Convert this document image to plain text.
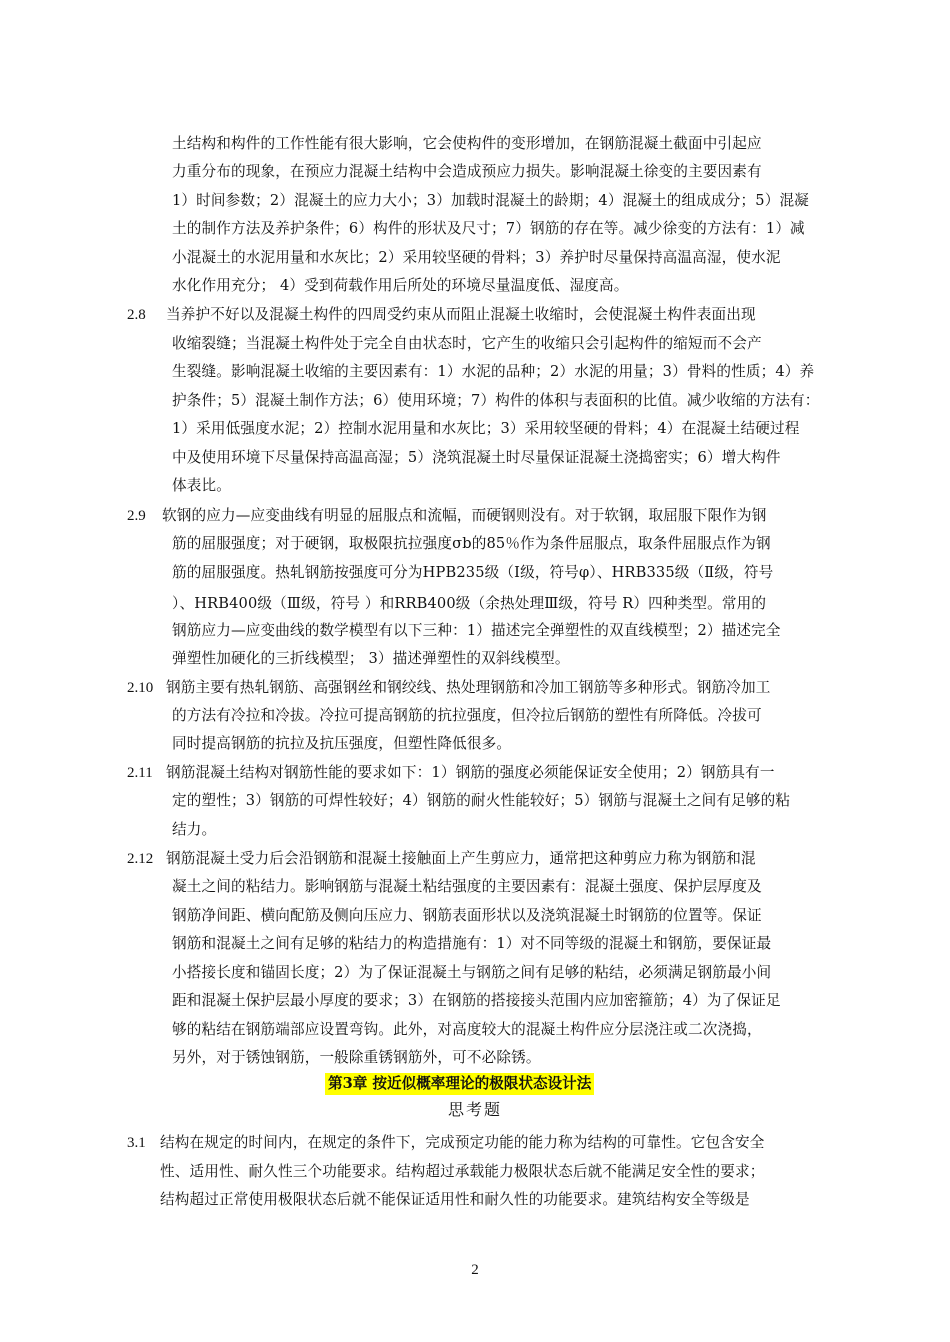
土结构和构件的工作性能有很大影响，它会使构件的变形增加，在钢筋混凝土截面中引起应
力重分布的现象，在预应力混凝土结构中会造成预应力损失。影响混凝土徐变的主要因素有
1）时间参数；2）混凝土的应力大小；3）加载时混凝土的龄期；4）混凝土的组成成分；5）混凝
土的制作方法及养护条件；6）构件的形状及尺寸；7）钢筋的存在等。减少徐变的方法有：1）减
小混凝土的水泥用量和水灰比；2）采用较坚硬的骨料；3）养护时尽量保持高温高湿，使水泥
水化作用充分； 4）受到荷载作用后所处的环境尽量温度低、湿度高。
2.8 当养护不好以及混凝土构件的四周受约束从而阻止混凝土收缩时，会使混凝土构件表面出现
收缩裂缝；当混凝土构件处于完全自由状态时，它产生的收缩只会引起构件的缩短而不会产
生裂缝。影响混凝土收缩的主要因素有：1）水泥的品种；2）水泥的用量；3）骨料的性质；4）养
护条件；5）混凝土制作方法；6）使用环境；7）构件的体积与表面积的比值。减少收缩的方法有：
1）采用低强度水泥；2）控制水泥用量和水灰比；3）采用较坚硬的骨料；4）在混凝土结硬过程
中及使用环境下尽量保持高温高湿；5）浇筑混凝土时尽量保证混凝土浇捣密实；6）增大构件
体表比。
2.9 软钢的应力—应变曲线有明显的屈服点和流幅，而硬钢则没有。对于软钢，取屈服下限作为钢
筋的屈服强度；对于硬钢，取极限抗拉强度σb的85％作为条件屈服点，取条件屈服点作为钢
筋的屈服强度。热轧钢筋按强度可分为HPB235级（Ⅰ级，符号φ）、HRB335级（Ⅱ级，符号
）、HRB400级（Ⅲ级，符号 ）和RRB400级（余热处理Ⅲ级，符号 R）四种类型。常用的
钢筋应力—应变曲线的数学模型有以下三种：1）描述完全弹塑性的双直线模型；2）描述完全
弹塑性加硬化的三折线模型； 3）描述弹塑性的双斜线模型。
2.10 钢筋主要有热轧钢筋、高强钢丝和钢绞线、热处理钢筋和冷加工钢筋等多种形式。钢筋冷加工
的方法有冷拉和冷拔。冷拉可提高钢筋的抗拉强度，但冷拉后钢筋的塑性有所降低。冷拔可
同时提高钢筋的抗拉及抗压强度，但塑性降低很多。
2.11 钢筋混凝土结构对钢筋性能的要求如下：1）钢筋的强度必须能保证安全使用；2）钢筋具有一
定的塑性；3）钢筋的可焊性较好；4）钢筋的耐火性能较好；5）钢筋与混凝土之间有足够的粘
结力。
2.12 钢筋混凝土受力后会沿钢筋和混凝土接触面上产生剪应力，通常把这种剪应力称为钢筋和混
凝土之间的粘结力。影响钢筋与混凝土粘结强度的主要因素有：混凝土强度、保护层厚度及
钢筋净间距、横向配筋及侧向压应力、钢筋表面形状以及浇筑混凝土时钢筋的位置等。保证
钢筋和混凝土之间有足够的粘结力的构造措施有：1）对不同等级的混凝土和钢筋，要保证最
小搭接长度和锚固长度；2）为了保证混凝土与钢筋之间有足够的粘结，必须满足钢筋最小间
距和混凝土保护层最小厚度的要求；3）在钢筋的搭接接头范围内应加密箍筋；4）为了保证足
够的粘结在钢筋端部应设置弯钩。此外，对高度较大的混凝土构件应分层浇注或二次浇捣，
另外，对于锈蚀钢筋，一般除重锈钢筋外，可不必除锈。
第3章 按近似概率理论的极限状态设计法
思考题
3.1 结构在规定的时间内，在规定的条件下，完成预定功能的能力称为结构的可靠性。它包含安全
性、适用性、耐久性三个功能要求。结构超过承载能力极限状态后就不能满足安全性的要求；
结构超过正常使用极限状态后就不能保证适用性和耐久性的功能要求。建筑结构安全等级是
2
